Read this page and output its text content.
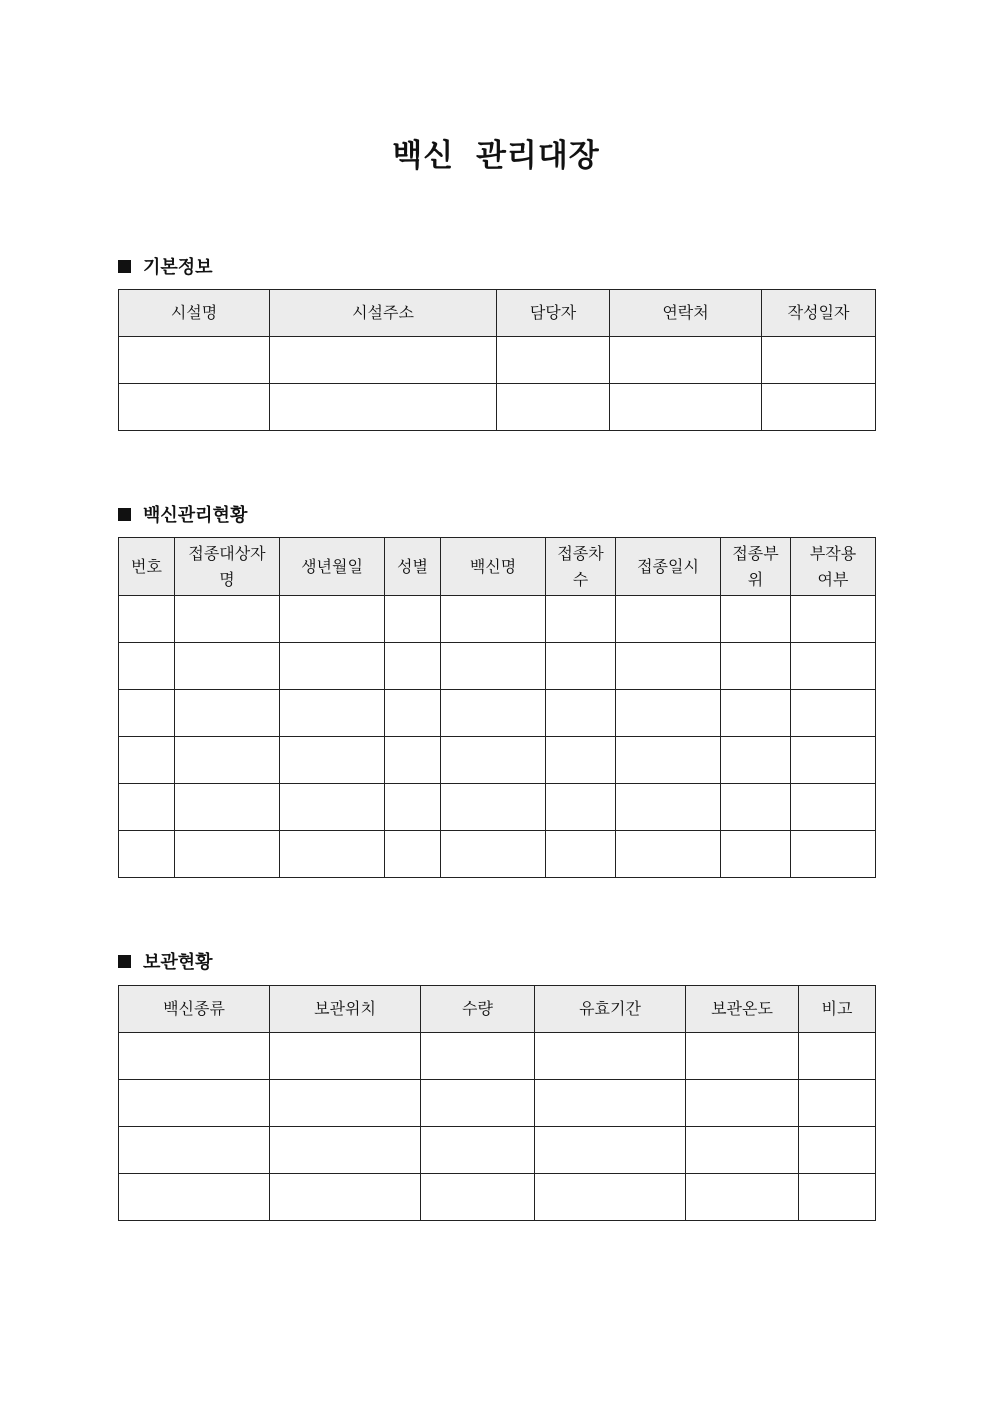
백신 관리대장
기본정보
시설명	시설주소	담당자	연락처	작성일자

백신관리현황
번호	접종대상자명	생년월일	성별	백신명	접종차수	접종일시	접종부위	부작용 여부

보관현황
백신종류	보관위치	수량	유효기간	보관온도	비고
